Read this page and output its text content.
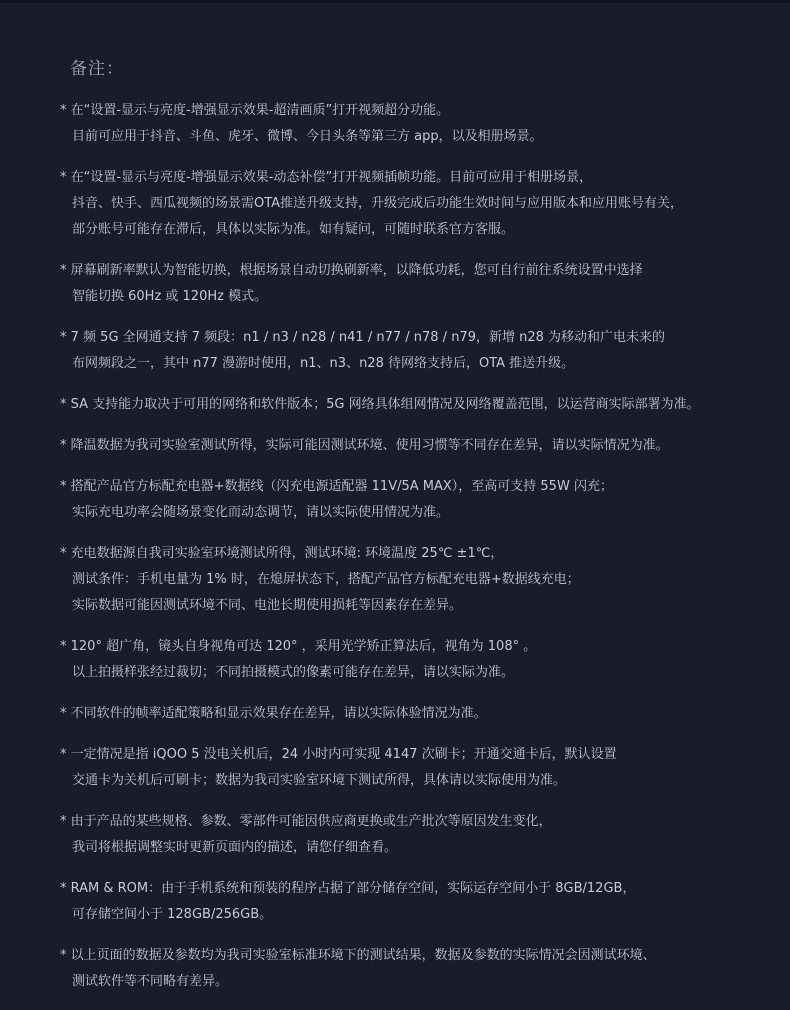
备注：
* 在“设置-显示与亮度-增强显示效果-超清画质”打开视频超分功能。
目前可应用于抖音、斗鱼、虎牙、微博、今日头条等第三方 app，以及相册场景。
* 在“设置-显示与亮度-增强显示效果-动态补偿”打开视频插帧功能。目前可应用于相册场景，
抖音、快手、西瓜视频的场景需OTA推送升级支持，升级完成后功能生效时间与应用版本和应用账号有关，
部分账号可能存在滞后，具体以实际为准。如有疑问，可随时联系官方客服。
* 屏幕刷新率默认为智能切换，根据场景自动切换刷新率，以降低功耗，您可自行前往系统设置中选择
智能切换 60Hz 或 120Hz 模式。
* 7 频 5G 全网通支持 7 频段：n1 / n3 / n28 / n41 / n77 / n78 / n79，新增 n28 为移动和广电未来的
布网频段之一，其中 n77 漫游时使用，n1、n3、n28 待网络支持后，OTA 推送升级。
* SA 支持能力取决于可用的网络和软件版本；5G 网络具体组网情况及网络覆盖范围，以运营商实际部署为准。
* 降温数据为我司实验室测试所得，实际可能因测试环境、使用习惯等不同存在差异，请以实际情况为准。
* 搭配产品官方标配充电器+数据线（闪充电源适配器 11V/5A MAX），至高可支持 55W 闪充；
实际充电功率会随场景变化而动态调节，请以实际使用情况为准。
* 充电数据源自我司实验室环境测试所得，测试环境: 环境温度 25℃ ±1℃，
测试条件：手机电量为 1% 时，在熄屏状态下，搭配产品官方标配充电器+数据线充电；
实际数据可能因测试环境不同、电池长期使用损耗等因素存在差异。
* 120° 超广角，镜头自身视角可达 120° ，采用光学矫正算法后，视角为 108° 。
以上拍摄样张经过裁切；不同拍摄模式的像素可能存在差异，请以实际为准。
* 不同软件的帧率适配策略和显示效果存在差异，请以实际体验情况为准。
* 一定情况是指 iQOO 5 没电关机后，24 小时内可实现 4147 次刷卡；开通交通卡后，默认设置
交通卡为关机后可刷卡；数据为我司实验室环境下测试所得，具体请以实际使用为准。
* 由于产品的某些规格、参数、零部件可能因供应商更换或生产批次等原因发生变化，
我司将根据调整实时更新页面内的描述，请您仔细查看。
* RAM & ROM：由于手机系统和预装的程序占据了部分储存空间，实际运存空间小于 8GB/12GB，
可存储空间小于 128GB/256GB。
* 以上页面的数据及参数均为我司实验室标准环境下的测试结果，数据及参数的实际情况会因测试环境、
测试软件等不同略有差异。
